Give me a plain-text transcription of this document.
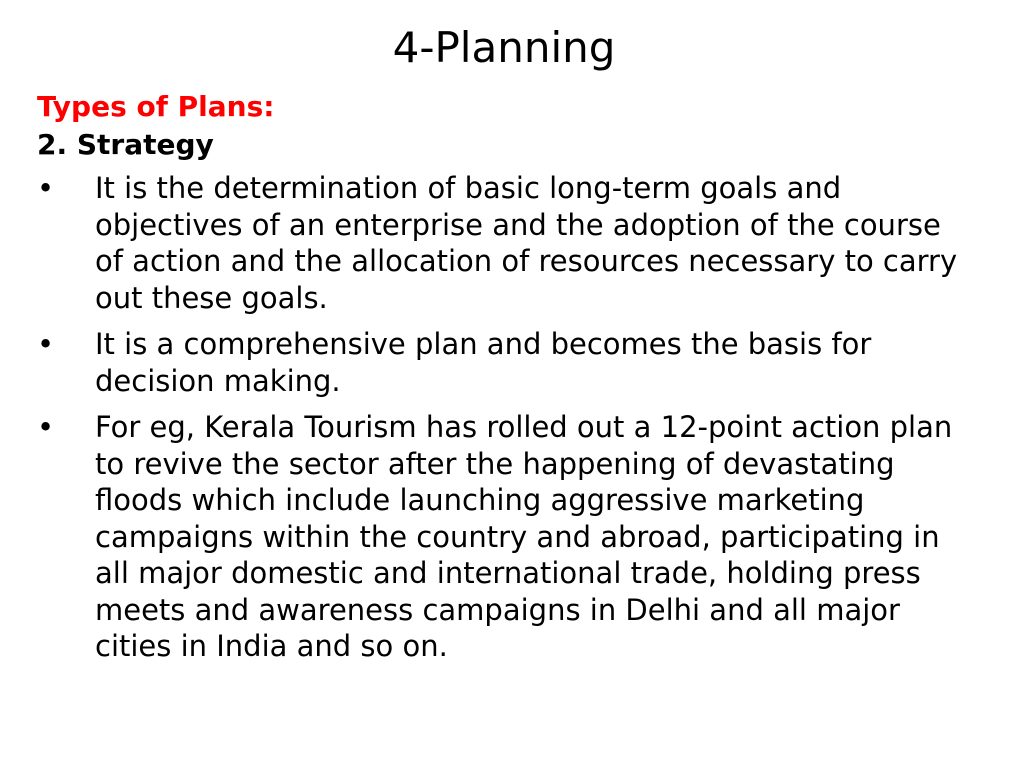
4-Planning

Types of Plans:

2. Strategy

• It is the determination of basic long-term goals and objectives of an enterprise and the adoption of the course of action and the allocation of resources necessary to carry out these goals.
• It is a comprehensive plan and becomes the basis for decision making.
• For eg, Kerala Tourism has rolled out a 12-point action plan to revive the sector after the happening of devastating floods which include launching aggressive marketing campaigns within the country and abroad, participating in all major domestic and international trade, holding press meets and awareness campaigns in Delhi and all major cities in India and so on.
